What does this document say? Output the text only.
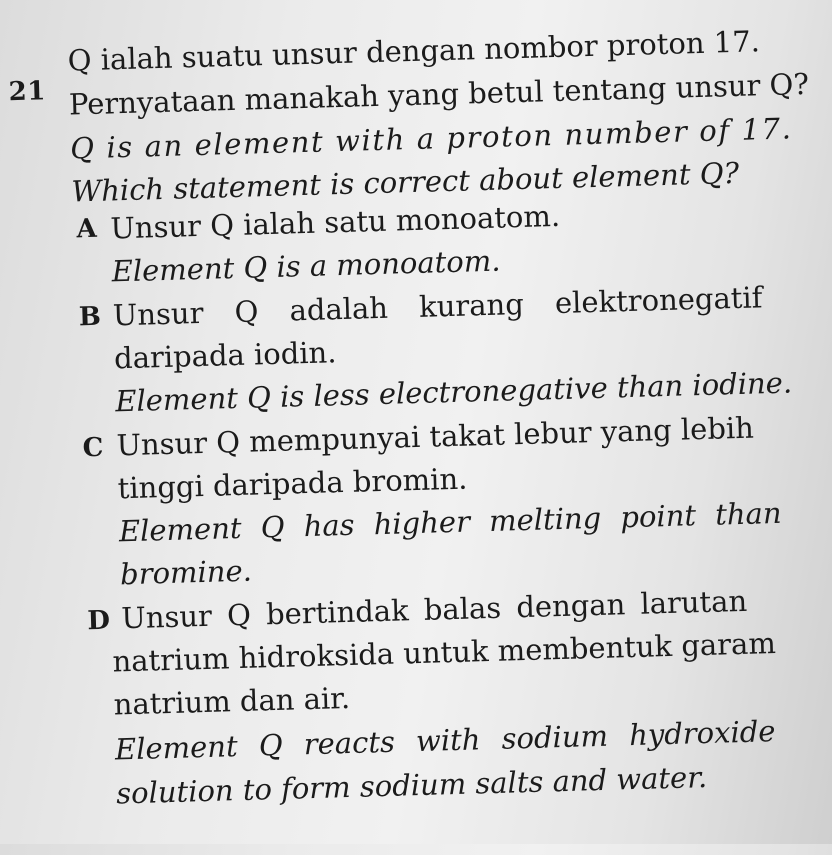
21
Q ialah suatu unsur dengan nombor proton 17.
Pernyataan manakah yang betul tentang unsur Q?
Q is an element with a proton number of 17.
Which statement is correct about element Q?
A Unsur Q ialah satu monoatom.
Element Q is a monoatom.
B Unsur Q adalah kurang elektronegatif
daripada iodin.
Element Q is less electronegative than iodine.
C Unsur Q mempunyai takat lebur yang lebih
tinggi daripada bromin.
Element Q has higher melting point than
bromine.
D Unsur Q bertindak balas dengan larutan
natrium hidroksida untuk membentuk garam
natrium dan air.
Element Q reacts with sodium hydroxide
solution to form sodium salts and water.
